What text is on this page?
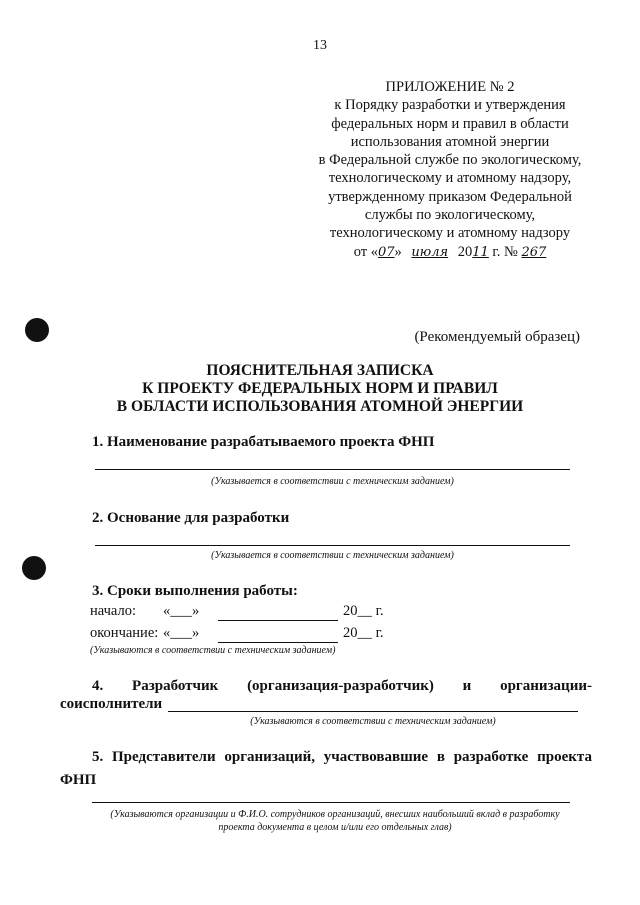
13
ПРИЛОЖЕНИЕ № 2
к Порядку разработки и утверждения
федеральных норм и правил в области
использования атомной энергии
в Федеральной службе по экологическому,
технологическому и атомному надзору,
утвержденному приказом Федеральной
службы по экологическому,
технологическому и атомному надзору
от «07» июля 2011 г. № 267
(Рекомендуемый образец)
ПОЯСНИТЕЛЬНАЯ ЗАПИСКА
К ПРОЕКТУ ФЕДЕРАЛЬНЫХ НОРМ И ПРАВИЛ
В ОБЛАСТИ ИСПОЛЬЗОВАНИЯ АТОМНОЙ ЭНЕРГИИ
1. Наименование разрабатываемого проекта ФНП
(Указывается в соответствии с техническим заданием)
2. Основание для разработки
(Указывается в соответствии с техническим заданием)
3. Сроки выполнения работы:
начало: «___»	20__ г.
окончание: «___»	20__ г.
(Указываются в соответствии с техническим заданием)
4. Разработчик (организация-разработчик) и организации-
соисполнители
(Указываются в соответствии с техническим заданием)
5. Представители организаций, участвовавшие в разработке проекта
ФНП
(Указываются организации и Ф.И.О. сотрудников организаций, внесших наибольший вклад в разработку
проекта документа в целом и/или его отдельных глав)
